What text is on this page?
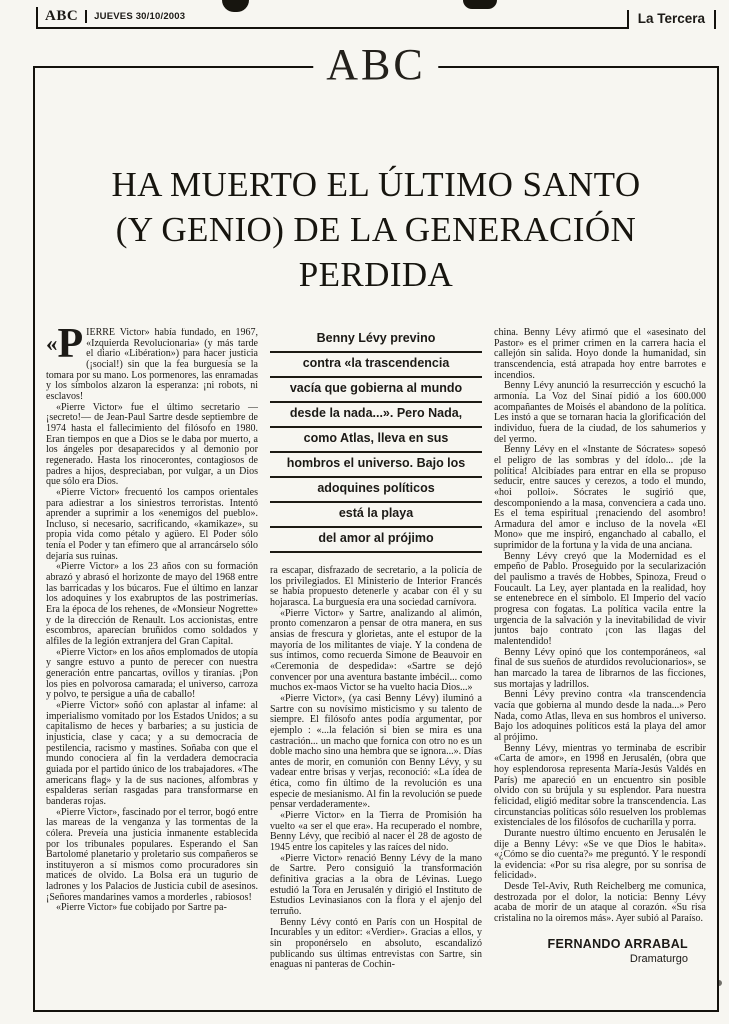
ABC JUEVES 30/10/2003	La Tercera
ABC
HA MUERTO EL ÚLTIMO SANTO
(Y GENIO) DE LA GENERACIÓN PERDIDA

«P IERRE Victor» había fundado, en 1967, «Izquierda Revolucionaria» (y más tarde el diario «Libération») para hacer justicia (¡social!) sin que la fea burguesía se la tomara por su mano. Los pormenores, las enramadas y los símbolos alzaron la esperanza: ¡ni robots, ni esclavos!

«Pierre Victor» fue el último secretario —¡secreto!— de Jean-Paul Sartre desde septiembre de 1974 hasta el fallecimiento del filósofo en 1980. Eran tiempos en que a Dios se le daba por muerto, a los ángeles por desaparecidos y al demonio por regenerado. Hasta los rinocerontes, contagiosos de padres a hijos, despreciaban, por vulgar, a un Dios que sólo era Dios.

«Pierre Victor» frecuentó los campos orientales para adiestrar a los siniestros terroristas. Intentó aprender a suprimir a los «enemigos del pueblo». Incluso, si necesario, sacrificando, «kamikaze», su propia vida como pétalo y agüero. El Poder sólo tenía el Poder y tan efímero que al arrancárselo sólo dejaría sus ruinas.

«Pierre Victor» a los 23 años con su formación abrazó y abrasó el horizonte de mayo del 1968 entre las barricadas y los búcaros. Fue el último en lanzar los adoquines y los exabruptos de las postrimerías. Era la época de los rehenes, de «Monsieur Nogrette» y de la dirección de Renault. Los accionistas, entre escombros, aparecían bruñidos como soldados y alfiles de la legión extranjera del Gran Capital.

«Pierre Victor» en los años emplomados de utopía y sangre estuvo a punto de perecer con nuestra generación entre pancartas, ovillos y tiranías. ¡Pon los pies en polvorosa camarada; el universo, carroza y polvo, te persigue a uña de caballo!

«Pierre Victor» soñó con aplastar al infame: al imperialismo vomitado por los Estados Unidos; a su capitalismo de heces y barbaries; a su justicia de injusticia, clase y caca; y a su democracia de pestilencia, racismo y mastines. Soñaba con que el mundo conociera al fin la verdadera democracia guiada por el partido único de los trabajadores. «The americans flag» y la de sus naciones, alfombras y espalderas serían rasgadas para transformarse en banderas rojas.

«Pierre Victor», fascinado por el terror, bogó entre las mareas de la venganza y las tormentas de la cólera. Preveía una justicia inmanente establecida por los tribunales populares. Esperando el San Bartolomé planetario y proletario sus compañeros se instituyeron a sí mismos como procuradores sin matices de olvido. La Bolsa era un tugurio de ladrones y los Palacios de Justicia cubil de asesinos. ¡Señores mandarines vamos a morderles , rabiosos!

«Pierre Victor» fue cobijado por Sartre pa-

Benny Lévy previno
contra «la trascendencia
vacía que gobierna al mundo
desde la nada...». Pero Nada,
como Atlas, lleva en sus
hombros el universo. Bajo los
adoquines políticos
está la playa
del amor al prójimo

ra escapar, disfrazado de secretario, a la policía de los privilegiados. El Ministerio de Interior Francés se había propuesto detenerle y acabar con él y su hojarasca. La burguesía era una sociedad carnívora.

«Pierre Victor» y Sartre, analizando al alimón, pronto comenzaron a pensar de otra manera, en sus ansias de frescura y glorietas, ante el estupor de la mayoría de los militantes de viaje. Y la condena de sus íntimos, como recuerda Simone de Beauvoir en «Ceremonia de despedida»: «Sartre se dejó convencer por una aventura bastante imbécil... como muchos ex-maos Victor se ha vuelto hacia Dios...»

«Pierre Victor», (ya casi Benny Lévy) iluminó a Sartre con su novísimo misticismo y su talento de siempre. El filósofo antes podía argumentar, por ejemplo : «...la felación si bien se mira es una castración... un macho que fornica con otro no es un doble macho sino una hembra que se ignora...». Días antes de morir, en comunión con Benny Lévy, y su vadear entre brisas y verjas, reconoció: «La idea de ética, como fin último de la revolución es una especie de mesianismo. Al fin la revolución se puede pensar verdaderamente».

«Pierre Victor» en la Tierra de Promisión ha vuelto «a ser el que era». Ha recuperado el nombre, Benny Lévy, que recibió al nacer el 28 de agosto de 1945 entre los capiteles y las raíces del nido.

«Pierre Victor» renació Benny Lévy de la mano de Sartre. Pero consiguió la transformación definitiva gracias a la obra de Lévinas. Luego estudió la Tora en Jerusalén y dirigió el Instituto de Estudios Levinasianos con la flora y el ajenjo del terruño.

Benny Lévy contó en París con un Hospital de Incurables y un editor: «Verdier». Gracias a ellos, y sin proponérselo en absoluto, escandalizó publicando sus últimas entrevistas con Sartre, sin enaguas ni panteras de Cochin-

china. Benny Lévy afirmó que el «asesinato del Pastor» es el primer crimen en la carrera hacia el callejón sin salida. Hoyo donde la humanidad, sin transcendencia, está atrapada hoy entre barrotes e incendios.

Benny Lévy anunció la resurrección y escuchó la armonía. La Voz del Sinaí pidió a los 600.000 acompañantes de Moisés el abandono de la política. Les instó a que se tornaran hacia la glorificación del individuo, fuera de la ciudad, de los sahumerios y del yermo.

Benny Lévy en el «Instante de Sócrates» sopesó el peligro de las sombras y del ídolo... ¡de la política! Alcibíades para entrar en ella se propuso seducir, entre sauces y cerezos, a todo el mundo, «hoi polloi». Sócrates le sugirió que, descomponiendo a la masa, convenciera a cada uno. Es el tema espiritual ¡renaciendo del asombro! Armadura del amor e incluso de la novela «El Mono» que me inspiró, enganchado al caballo, el suprimidor de la fortuna y la vida de una anciana.

Benny Lévy creyó que la Modernidad es el empeño de Pablo. Proseguido por la secularización del paulismo a través de Hobbes, Spinoza, Freud o Foucault. La Ley, ayer plantada en la realidad, hoy se entenebrece en el símbolo. El Imperio del vacío progresa con fogatas. La política vacila entre la urgencia de la salvación y la inevitabilidad de vivir juntos bajo contrato ¡con las llagas del malentendido!

Benny Lévy opinó que los contemporáneos, «al final de sus sueños de aturdidos revolucionarios», se han marcado la tarea de librarnos de las ficciones, sus mortajas y ladrillos.

Benni Lévy previno contra «la transcendencia vacía que gobierna al mundo desde la nada...» Pero Nada, como Atlas, lleva en sus hombros el universo. Bajo los adoquines políticos está la playa del amor al prójimo.

Benny Lévy, mientras yo terminaba de escribir «Carta de amor», en 1998 en Jerusalén, (obra que hoy esplendorosa representa María-Jesús Valdés en París) me apareció en un encuentro sin posible olvido con su brújula y su esplendor. Para nuestra felicidad, eligió meditar sobre la transcendencia. Las circunstancias políticas sólo resuelven los problemas existenciales de los filósofos de cucharilla y porra.

Durante nuestro último encuento en Jerusalén le dije a Benny Lévy: «Se ve que Dios le habita». «¿Cómo se dio cuenta?» me preguntó. Y le respondí la evidencia: «Por su risa alegre, por su sonrisa de felicidad».

Desde Tel-Aviv, Ruth Reichelberg me comunica, destrozada por el dolor, la noticia: Benny Lévy acaba de morir de un ataque al corazón. «Su risa cristalina no la oiremos más». Ayer subió al Paraíso.

FERNANDO ARRABAL
Dramaturgo
